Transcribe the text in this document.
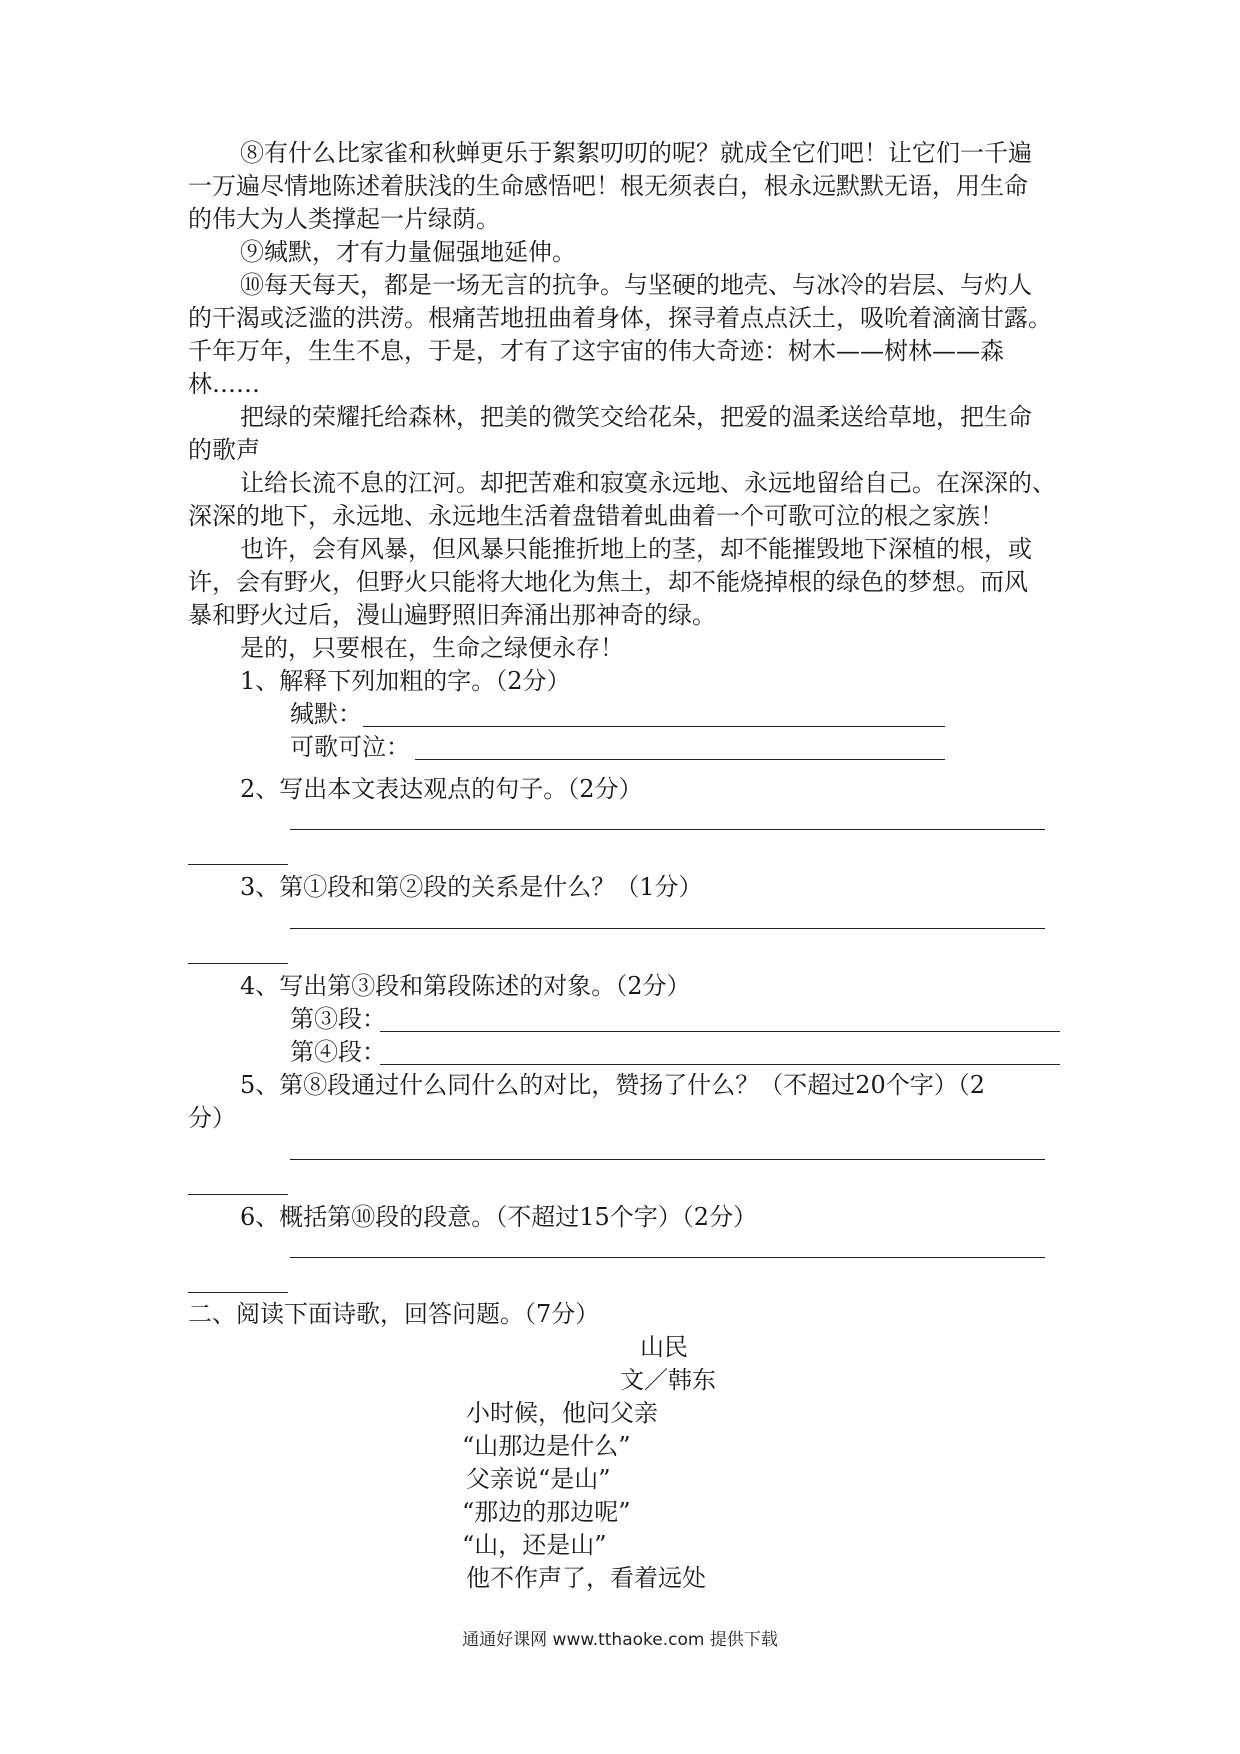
⑧有什么比家雀和秋蝉更乐于絮絮叨叨的呢？就成全它们吧！让它们一千遍
一万遍尽情地陈述着肤浅的生命感悟吧！根无须表白，根永远默默无语，用生命
的伟大为人类撑起一片绿荫。
⑨缄默，才有力量倔强地延伸。
⑩每天每天，都是一场无言的抗争。与坚硬的地壳、与冰冷的岩层、与灼人
的干渴或泛滥的洪涝。根痛苦地扭曲着身体，探寻着点点沃土，吸吮着滴滴甘露。
千年万年，生生不息，于是，才有了这宇宙的伟大奇迹：树木——树林——森
林……
把绿的荣耀托给森林，把美的微笑交给花朵，把爱的温柔送给草地，把生命
的歌声
让给长流不息的江河。却把苦难和寂寞永远地、永远地留给自己。在深深的、
深深的地下，永远地、永远地生活着盘错着虬曲着一个可歌可泣的根之家族！
也许，会有风暴，但风暴只能推折地上的茎，却不能摧毁地下深植的根，或
许，会有野火，但野火只能将大地化为焦土，却不能烧掉根的绿色的梦想。而风
暴和野火过后，漫山遍野照旧奔涌出那神奇的绿。
是的，只要根在，生命之绿便永存！
1、解释下列加粗的字。（2分）
缄默：
可歌可泣：
2、写出本文表达观点的句子。（2分）
3、第①段和第②段的关系是什么？（1分）
4、写出第③段和第段陈述的对象。（2分）
第③段：
第④段：
5、第⑧段通过什么同什么的对比，赞扬了什么？（不超过20个字）（2
分）
6、概括第⑩段的段意。（不超过15个字）（2分）
二、阅读下面诗歌，回答问题。（7分）
山民
文／韩东
小时候，他问父亲
“山那边是什么”
父亲说“是山”
“那边的那边呢”
“山，还是山”
他不作声了，看着远处
通通好课网 www.tthaoke.com 提供下载
